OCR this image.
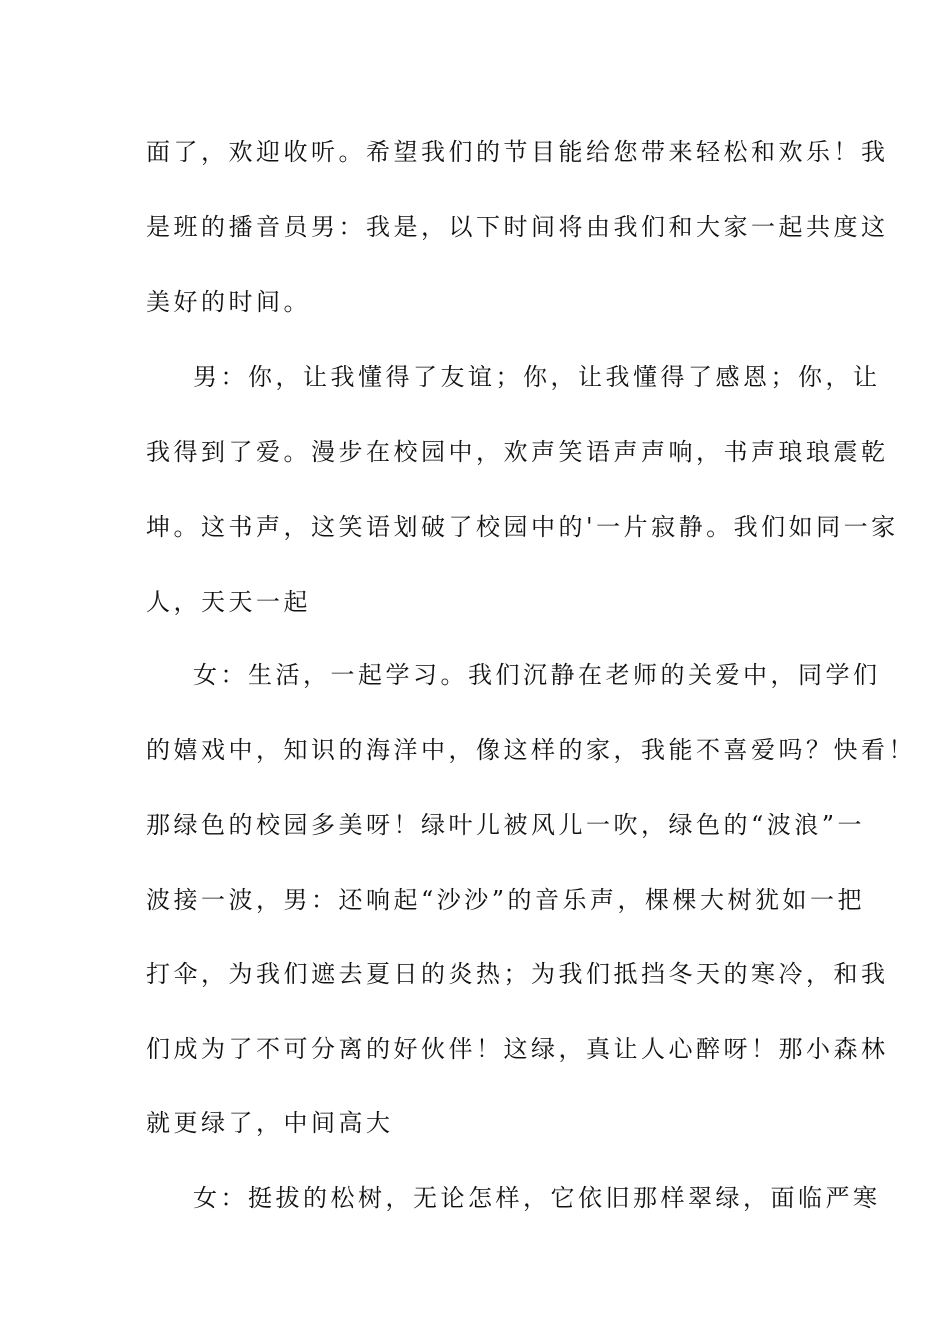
面了，欢迎收听。希望我们的节目能给您带来轻松和欢乐！我
是班的播音员男：我是，以下时间将由我们和大家一起共度这
美好的时间。
男：你，让我懂得了友谊；你，让我懂得了感恩；你，让
我得到了爱。漫步在校园中，欢声笑语声声响，书声琅琅震乾
坤。这书声，这笑语划破了校园中的'一片寂静。我们如同一家
人，天天一起
女：生活，一起学习。我们沉静在老师的关爱中，同学们
的嬉戏中，知识的海洋中，像这样的家，我能不喜爱吗？快看！
那绿色的校园多美呀！绿叶儿被风儿一吹，绿色的“波浪”一
波接一波，男：还响起“沙沙”的音乐声，棵棵大树犹如一把
打伞，为我们遮去夏日的炎热；为我们抵挡冬天的寒冷，和我
们成为了不可分离的好伙伴！这绿，真让人心醉呀！那小森林
就更绿了，中间高大
女：挺拔的松树，无论怎样，它依旧那样翠绿，面临严寒
